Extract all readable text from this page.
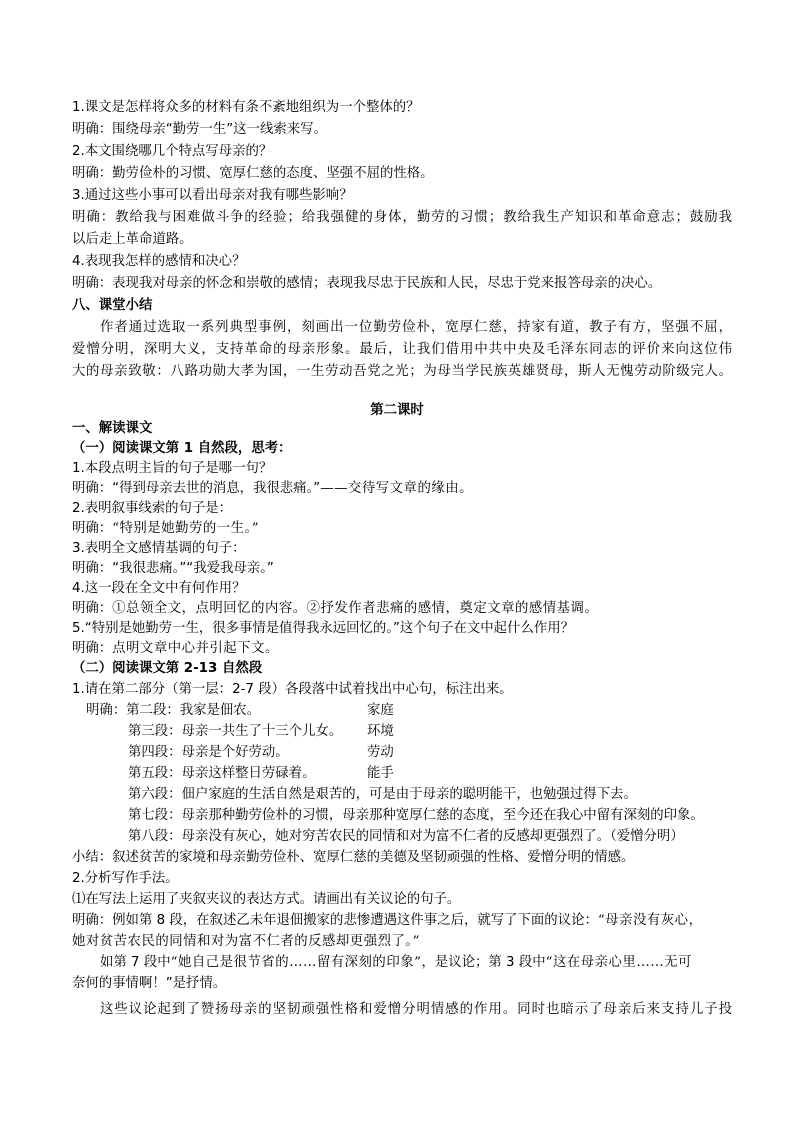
1.课文是怎样将众多的材料有条不紊地组织为一个整体的？
明确：围绕母亲“勤劳一生”这一线索来写。
2.本文围绕哪几个特点写母亲的？
明确：勤劳俭朴的习惯、宽厚仁慈的态度、坚强不屈的性格。
3.通过这些小事可以看出母亲对我有哪些影响？
明确：教给我与困难做斗争的经验；给我强健的身体，勤劳的习惯；教给我生产知识和革命意志；鼓励我
以后走上革命道路。
4.表现我怎样的感情和决心？
明确：表现我对母亲的怀念和崇敬的感情；表现我尽忠于民族和人民，尽忠于党来报答母亲的决心。
八、课堂小结
作者通过选取一系列典型事例，刻画出一位勤劳俭朴，宽厚仁慈，持家有道，教子有方，坚强不屈，
爱憎分明，深明大义，支持革命的母亲形象。最后，让我们借用中共中央及毛泽东同志的评价来向这位伟
大的母亲致敬：八路功勋大孝为国，一生劳动吾党之光；为母当学民族英雄贤母，斯人无愧劳动阶级完人。
第二课时
一、解读课文
（一）阅读课文第 1 自然段，思考：
1.本段点明主旨的句子是哪一句？
明确：“得到母亲去世的消息，我很悲痛。”——交待写文章的缘由。
2.表明叙事线索的句子是：
明确：“特别是她勤劳的一生。”
3.表明全文感情基调的句子：
明确：“我很悲痛。”“我爱我母亲。”
4.这一段在全文中有何作用？
明确：①总领全文，点明回忆的内容。②抒发作者悲痛的感情，奠定文章的感情基调。
5.“特别是她勤劳一生，很多事情是值得我永远回忆的。”这个句子在文中起什么作用？
明确：点明文章中心并引起下文。
（二）阅读课文第 2-13 自然段
1.请在第二部分（第一层：2-7 段）各段落中试着找出中心句，标注出来。
明确：第二段：我家是佃农。
第三段：母亲一共生了十三个儿女。
第四段：母亲是个好劳动。
第五段：母亲这样整日劳碌着。
第六段：佃户家庭的生活自然是艰苦的，可是由于母亲的聪明能干，也勉强过得下去。
第七段：母亲那种勤劳俭朴的习惯，母亲那种宽厚仁慈的态度，至今还在我心中留有深刻的印象。
第八段：母亲没有灰心，她对穷苦农民的同情和对为富不仁者的反感却更强烈了。（爱憎分明）
小结：叙述贫苦的家境和母亲勤劳俭朴、宽厚仁慈的美德及坚韧顽强的性格、爱憎分明的情感。
2.分析写作手法。
⑴在写法上运用了夹叙夹议的表达方式。请画出有关议论的句子。
明确：例如第 8 段，在叙述乙未年退佃搬家的悲惨遭遇这件事之后，就写了下面的议论：“母亲没有灰心，
她对贫苦农民的同情和对为富不仁者的反感却更强烈了。”
如第 7 段中“她自己是很节省的……留有深刻的印象”，是议论；第 3 段中“这在母亲心里……无可
奈何的事情啊！”是抒情。
这些议论起到了赞扬母亲的坚韧顽强性格和爱憎分明情感的作用。同时也暗示了母亲后来支持儿子投
家庭
环境
劳动
能手
